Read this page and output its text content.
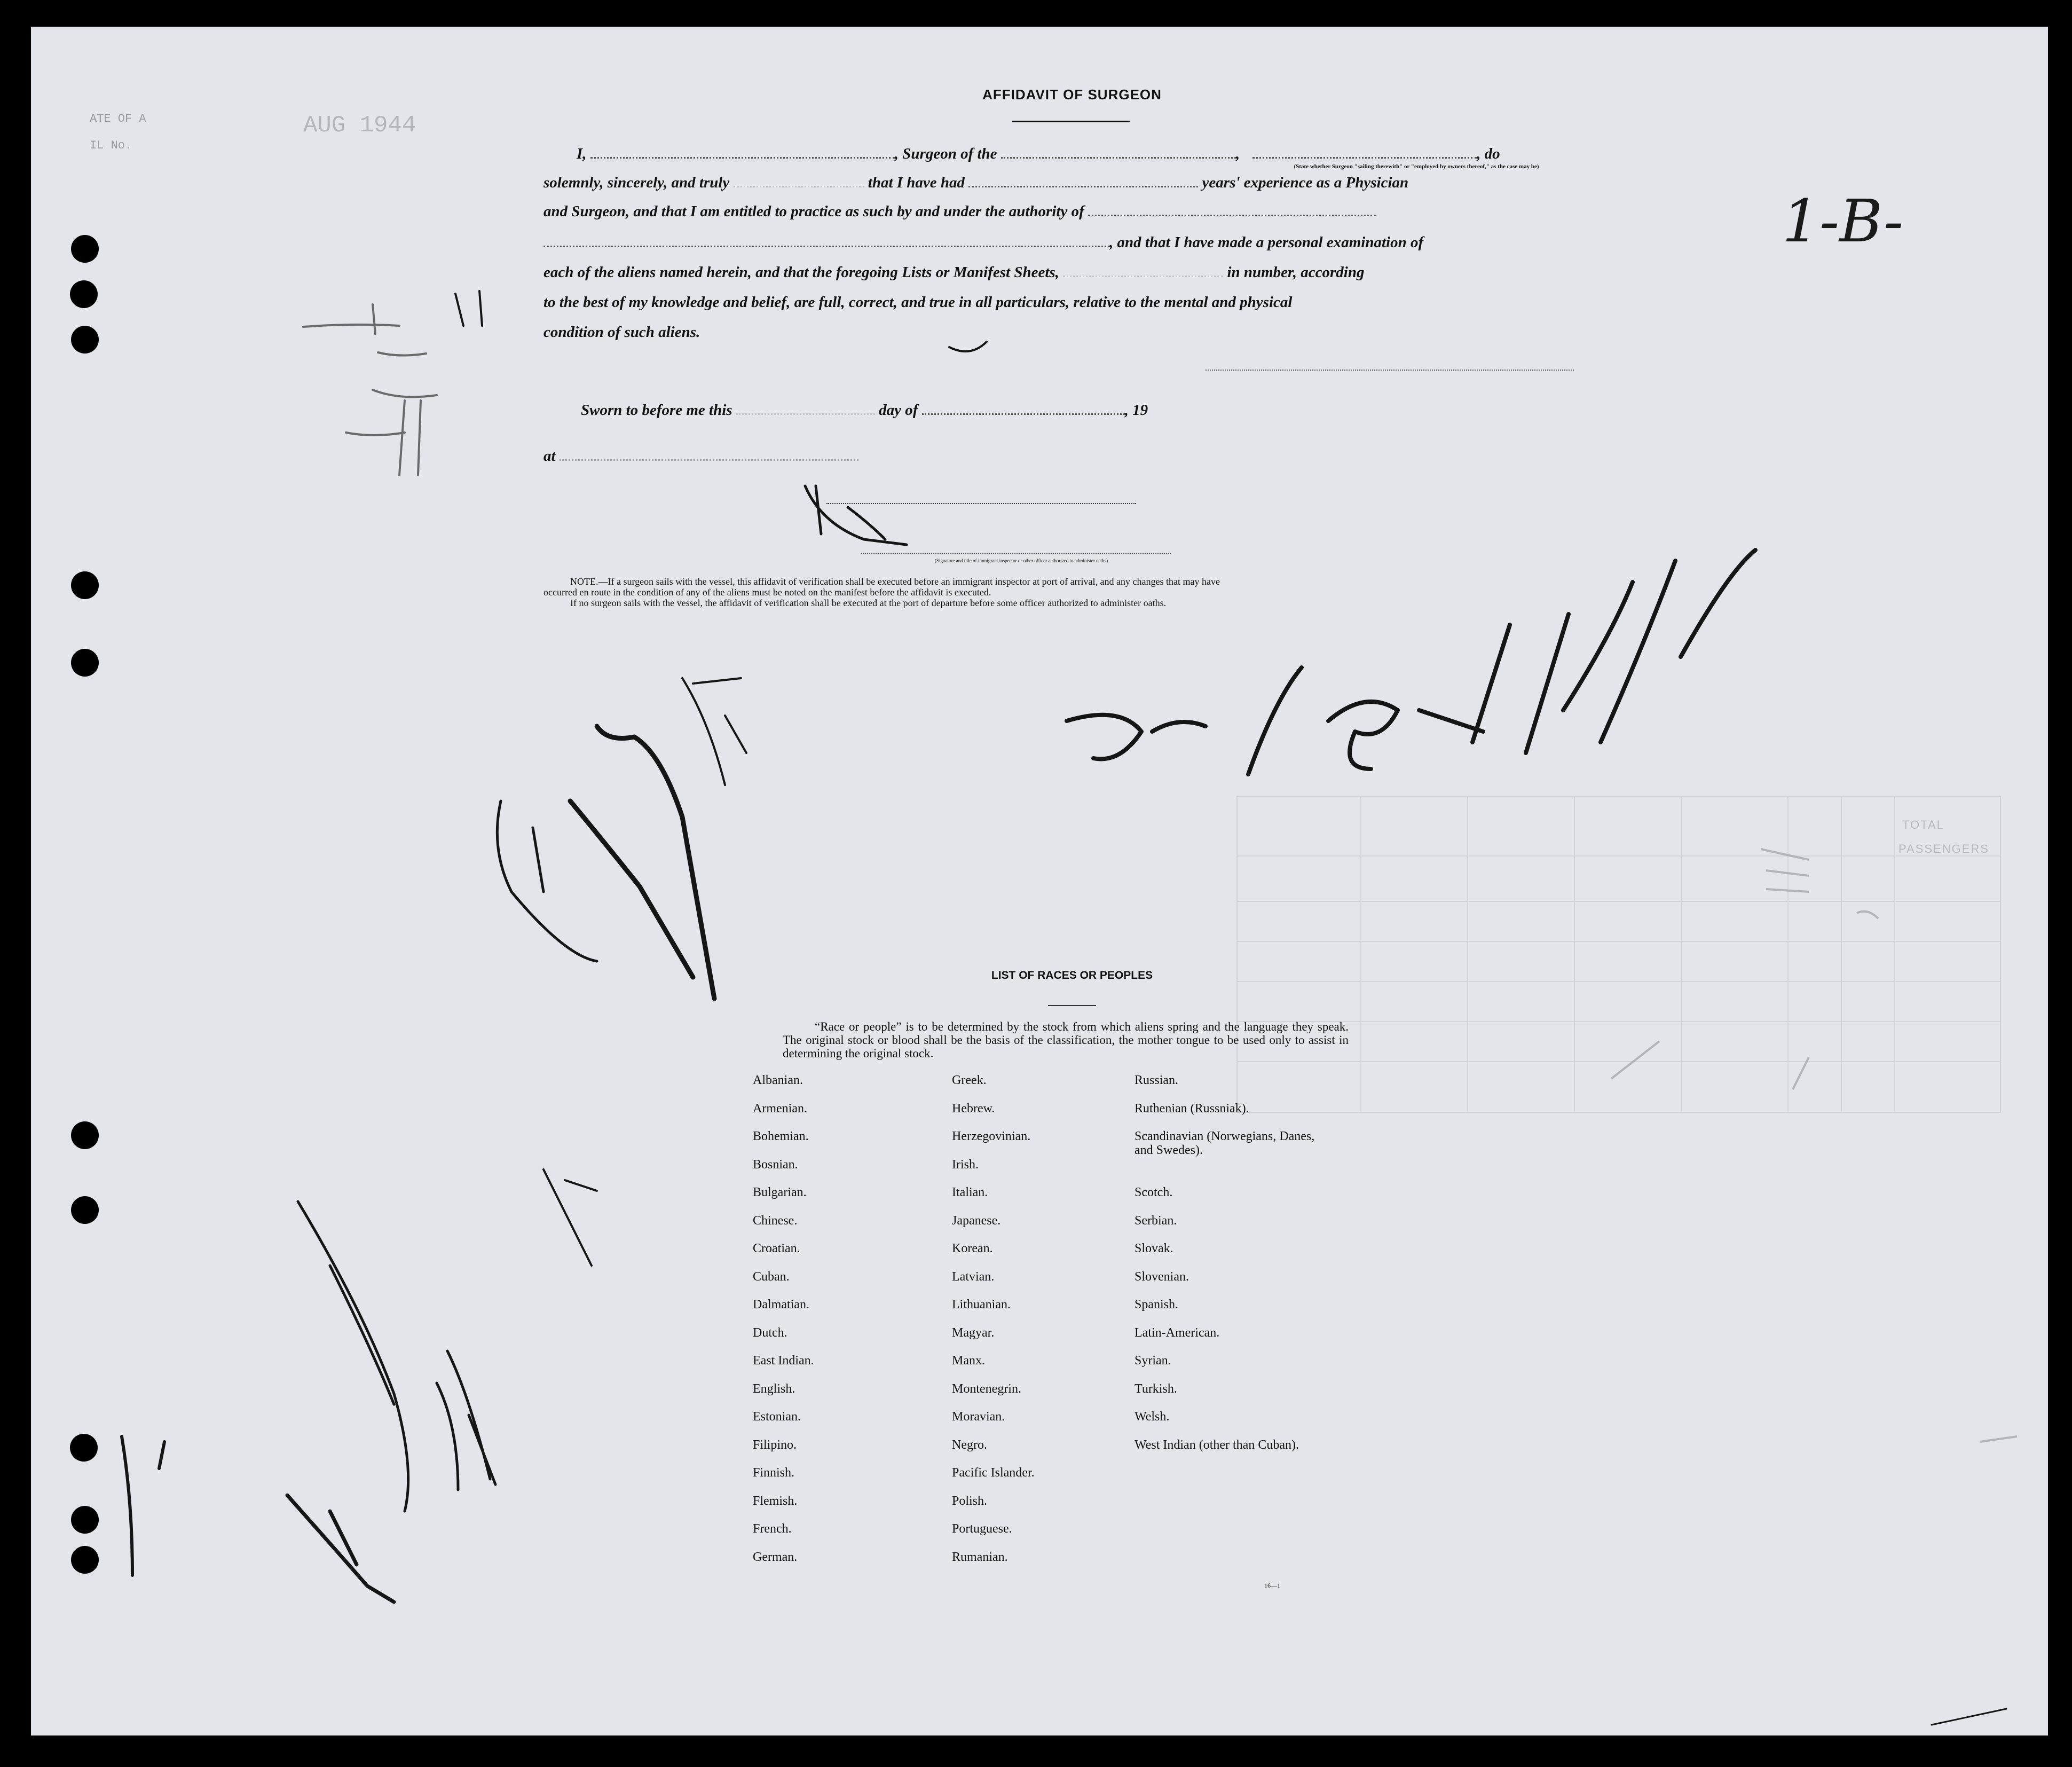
ATE OF A
IL No.
AUG 1944
1-B-
AFFIDAVIT OF SURGEON
I,	, Surgeon of the	,	, do
(State whether Surgeon "sailing therewith" or "employed by owners thereof," as the case may be)
solemnly, sincerely, and truly	that I have had	years' experience as a Physician
and Surgeon, and that I am entitled to practice as such by and under the authority of
, and that I have made a personal examination of
each of the aliens named herein, and that the foregoing Lists or Manifest Sheets,	in number, according
to the best of my knowledge and belief, are full, correct, and true in all particulars, relative to the mental and physical
condition of such aliens.
Sworn to before me this	day of	, 19
at
(Signature and title of immigrant inspector or other officer authorized to administer oaths)
NOTE.—If a surgeon sails with the vessel, this affidavit of verification shall be executed before an immigrant inspector at port of arrival, and any changes that may have
occurred en route in the condition of any of the aliens must be noted on the manifest before the affidavit is executed.
If no surgeon sails with the vessel, the affidavit of verification shall be executed at the port of departure before some officer authorized to administer oaths.
TOTAL
PASSENGERS
LIST OF RACES OR PEOPLES
“Race or people” is to be determined by the stock from which aliens spring and the language they speak. The original stock or blood shall be the basis of the classification, the mother tongue to be used only to assist in determining the original stock.
Albanian.
Armenian.
Bohemian.
Bosnian.
Bulgarian.
Chinese.
Croatian.
Cuban.
Dalmatian.
Dutch.
East Indian.
English.
Estonian.
Filipino.
Finnish.
Flemish.
French.
German.
Greek.
Hebrew.
Herzegovinian.
Irish.
Italian.
Japanese.
Korean.
Latvian.
Lithuanian.
Magyar.
Manx.
Montenegrin.
Moravian.
Negro.
Pacific Islander.
Polish.
Portuguese.
Rumanian.
Russian.
Ruthenian (Russniak).
Scandinavian (Norwegians, Danes, and Swedes).
Scotch.
Serbian.
Slovak.
Slovenian.
Spanish.
Latin-American.
Syrian.
Turkish.
Welsh.
West Indian (other than Cuban).
16—1
